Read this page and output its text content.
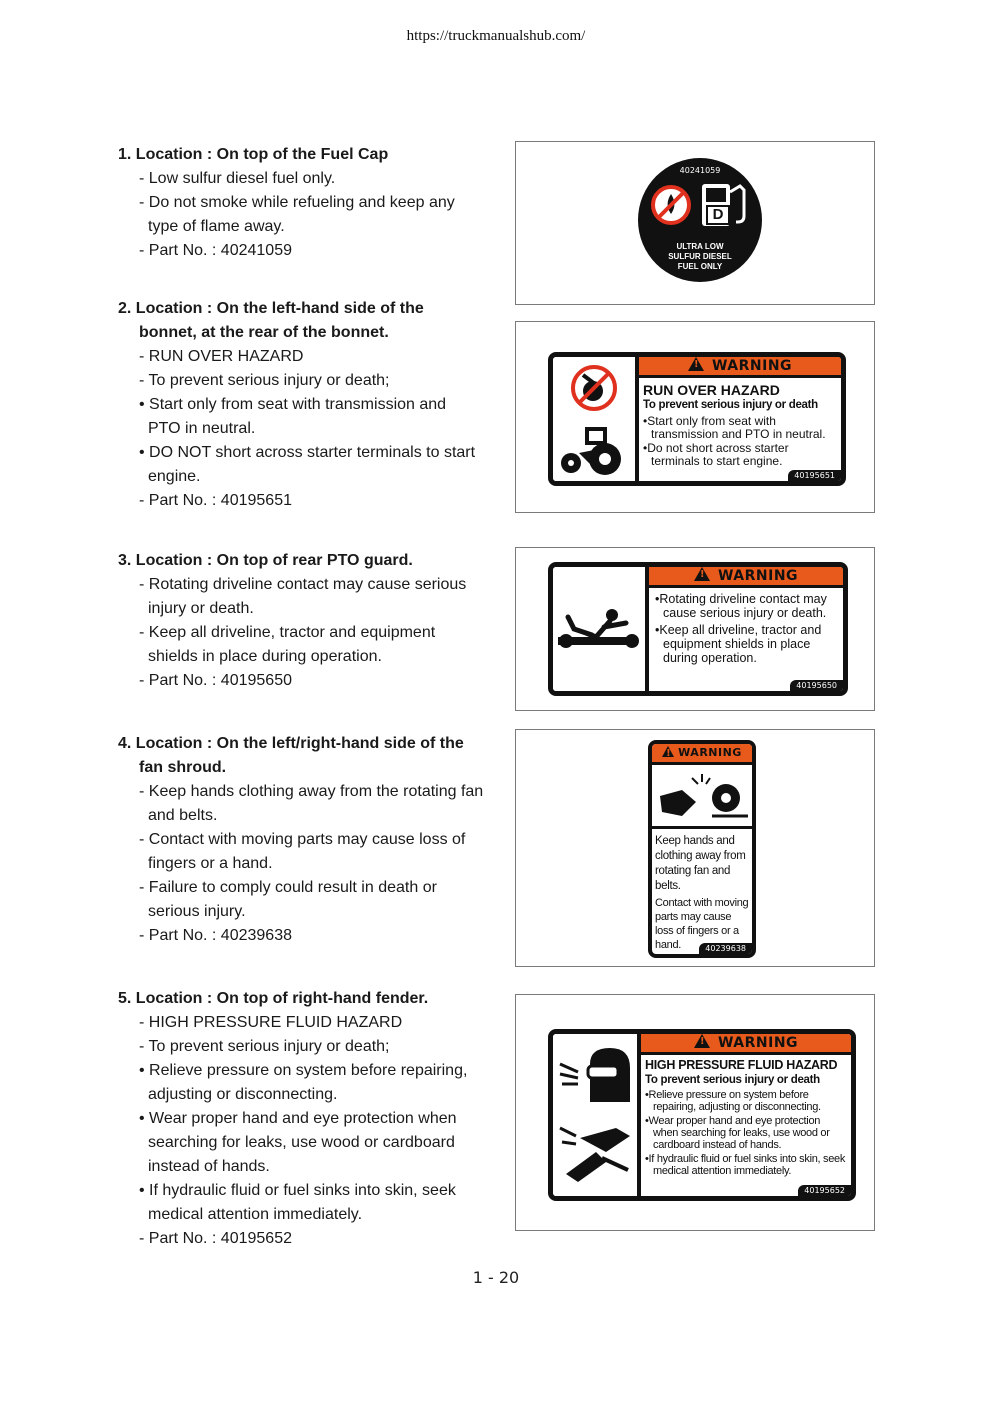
https://truckmanualshub.com/

1. Location : On top of the Fuel Cap

- Low sulfur diesel fuel only.

- Do not smoke while refueling and keep any
type of flame away.

- Part No. : 40241059

2. Location : On the left-hand side of the
bonnet, at the rear of the bonnet.

- RUN OVER HAZARD

- To prevent serious injury or death;

• Start only from seat with transmission and
PTO in neutral.

• DO NOT short across starter terminals to start
engine.

- Part No. : 40195651

3. Location : On top of rear PTO guard.

- Rotating driveline contact may cause serious
injury or death.

- Keep all driveline, tractor and equipment
shields in place during operation.

- Part No. : 40195650

4. Location : On the left/right-hand side of the
fan shroud.

- Keep hands clothing away from the rotating fan
and belts.

- Contact with moving parts may cause loss of
fingers or a hand.

- Failure to comply could result in death or
serious injury.

- Part No. : 40239638

5. Location : On top of right-hand fender.

- HIGH PRESSURE FLUID HAZARD

- To prevent serious injury or death;

• Relieve pressure on system before repairing,
adjusting or disconnecting.

• Wear proper hand and eye protection when
searching for leaks, use wood or cardboard
instead of hands.

• If hydraulic fluid or fuel sinks into skin, seek
medical attention immediately.

- Part No. : 40195652

40241059
D
ULTRA LOW
SULFUR DIESEL
FUEL ONLY
!WARNING
RUN OVER HAZARD
To prevent serious injury or death
•Start only from seat with transmission and PTO in neutral.
•Do not short across starter terminals to start engine.
40195651
!WARNING
•Rotating driveline contact may cause serious injury or death.
•Keep all driveline, tractor and equipment shields in place during operation.
40195650
!WARNING
Keep hands and clothing away from rotating fan and belts.
Contact with moving parts may cause loss of fingers or a hand.	40239638
!WARNING
HIGH PRESSURE FLUID HAZARD
To prevent serious injury or death
•Relieve pressure on system before repairing, adjusting or disconnecting.
•Wear proper hand and eye protection when searching for leaks, use wood or cardboard instead of hands.
•If hydraulic fluid or fuel sinks into skin, seek medical attention immediately.
40195652
1 - 20
